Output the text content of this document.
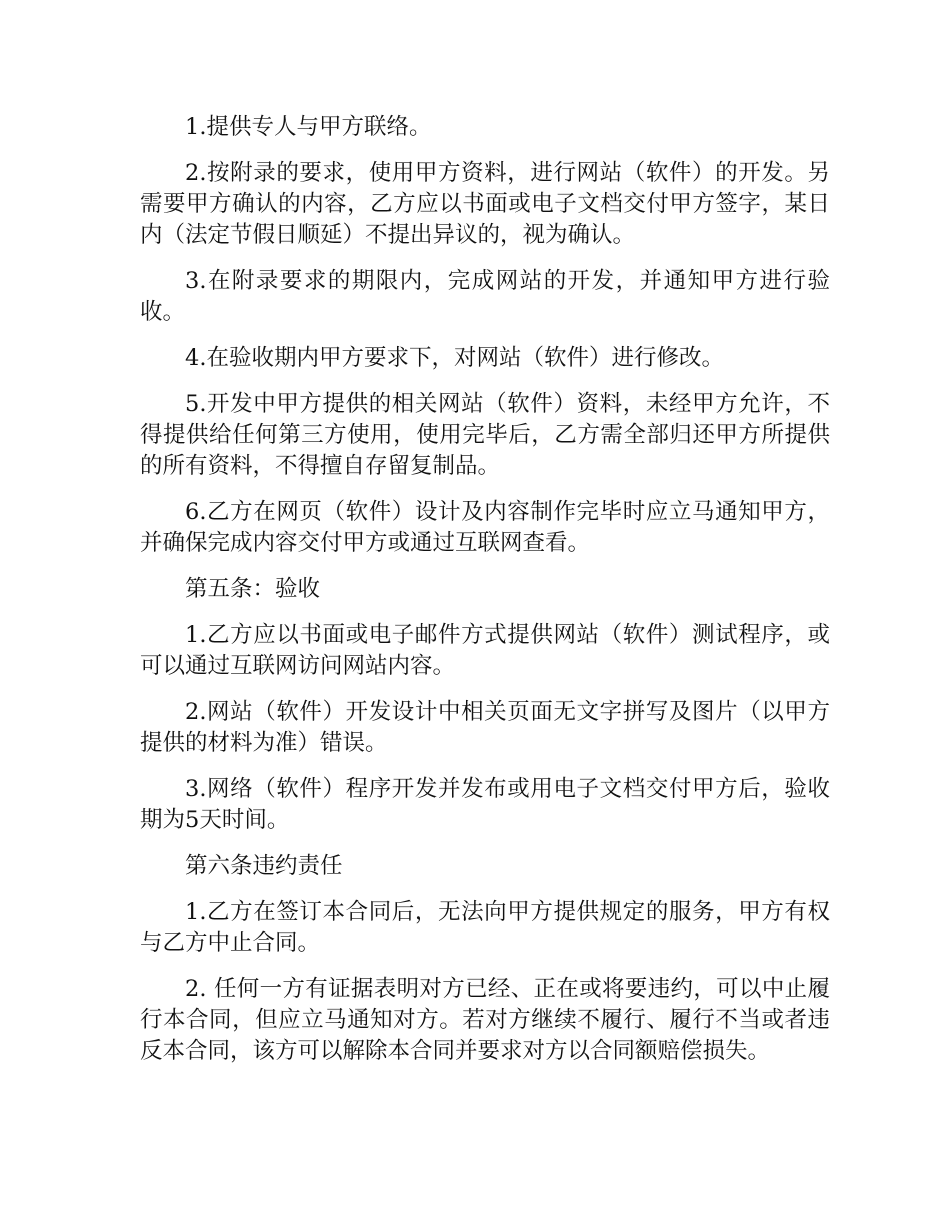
1.提供专人与甲方联络。

2.按附录的要求，使用甲方资料，进行网站（软件）的开发。另需要甲方确认的内容，乙方应以书面或电子文档交付甲方签字，某日内（法定节假日顺延）不提出异议的，视为确认。

3.在附录要求的期限内，完成网站的开发，并通知甲方进行验收。

4.在验收期内甲方要求下，对网站（软件）进行修改。

5.开发中甲方提供的相关网站（软件）资料，未经甲方允许，不得提供给任何第三方使用，使用完毕后，乙方需全部归还甲方所提供的所有资料，不得擅自存留复制品。

6.乙方在网页（软件）设计及内容制作完毕时应立马通知甲方，并确保完成内容交付甲方或通过互联网查看。

第五条：验收

1.乙方应以书面或电子邮件方式提供网站（软件）测试程序，或可以通过互联网访问网站内容。

2.网站（软件）开发设计中相关页面无文字拼写及图片（以甲方提供的材料为准）错误。

3.网络（软件）程序开发并发布或用电子文档交付甲方后，验收期为5天时间。

第六条违约责任

1.乙方在签订本合同后，无法向甲方提供规定的服务，甲方有权与乙方中止合同。

2. 任何一方有证据表明对方已经、正在或将要违约，可以中止履行本合同，但应立马通知对方。若对方继续不履行、履行不当或者违反本合同，该方可以解除本合同并要求对方以合同额赔偿损失。
